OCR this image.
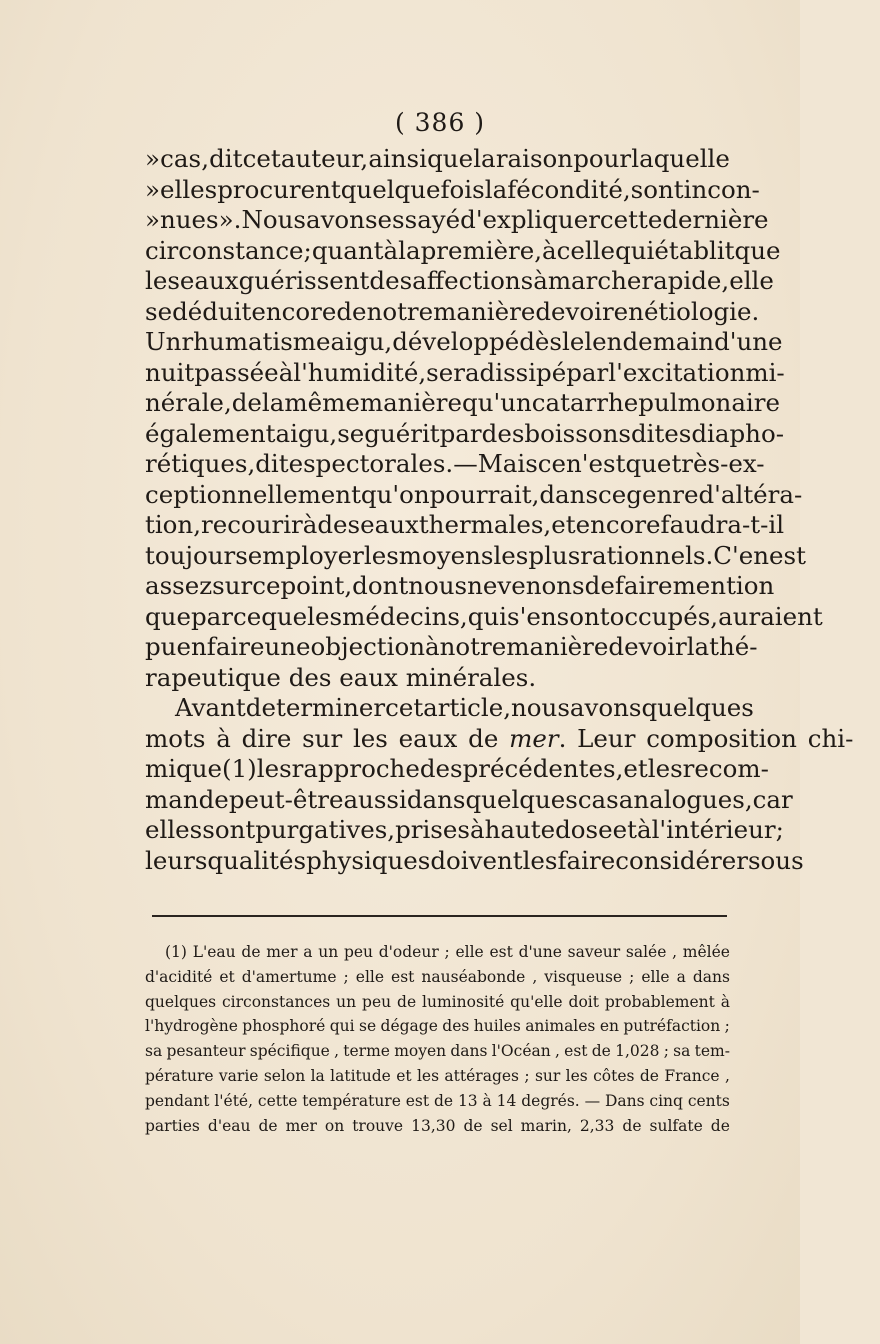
( 386 )
» cas , dit cet auteur, ainsi que la raison pour laquelle
» elles procurent quelquefois la fécondité , sont incon-
» nues » . Nous avons essayé d'expliquer cette dernière
circonstance ; quant à la première , à celle qui établit que
les eaux guérissent des affections à marche rapide , elle
se déduit encore de notre manière de voir en étiologie.
Un rhumatisme aigu, développé dès le lendemain d'une
nuit passée à l'humidité , sera dissipé par l'excitation mi-
nérale , de la même manière qu'un catarrhe pulmonaire
également aigu , se guérit par des boissons dites diapho-
rétiques , dites pectorales. — Mais ce n'est que très-ex-
ceptionnellement qu'on pourrait, dans ce genre d'altéra-
tion , recourir à des eaux thermales , et encore faudra-t-il
toujours employer les moyens les plus rationnels. C'en est
assez sur ce point, dont nous ne venons de faire mention
que parce que les médecins, qui s'en sont occupés, auraient
pu en faire une objection à notre manière de voir la thé-
rapeutique des eaux minérales.
Avant de terminer cet article , nous avons quelques
mots à dire sur les eaux de
mer . Leur composition chi-
mique (1) les rapproche des précédentes , et les recom-
mande peut-être aussi dans quelques cas analogues, car
elles sont purgatives , prises à haute dose et à l'intérieur;
leurs qualités physiques doivent les faire considérer sous
(1) L'eau de mer a un peu d'odeur ; elle est d'une saveur salée , mêlée
d'acidité et d'amertume ; elle est nauséabonde , visqueuse ; elle a dans
quelques circonstances un peu de luminosité qu'elle doit probablement à
l'hydrogène phosphoré qui se dégage des huiles animales en putréfaction ;
sa pesanteur spécifique , terme moyen dans l'Océan , est de 1,028 ; sa tem-
pérature varie selon la latitude et les attérages ; sur les côtes de France ,
pendant l'été, cette température est de 13 à 14 degrés. — Dans cinq cents
parties d'eau de mer on trouve 13,30 de sel marin, 2,33 de sulfate de
